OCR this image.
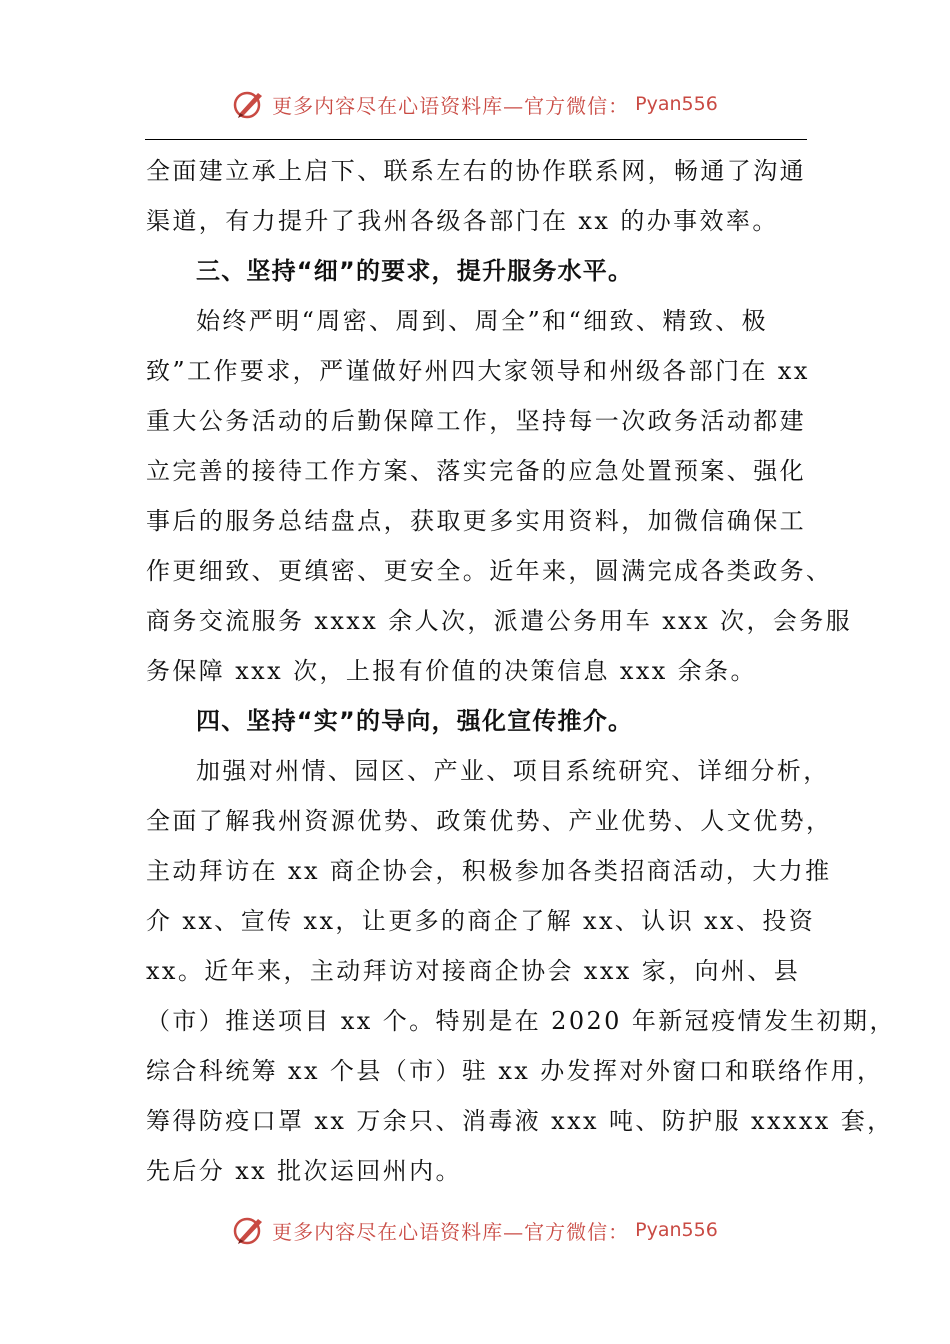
更多内容尽在心语资料库—官方微信： Pyan556
全面建立承上启下、联系左右的协作联系网，畅通了沟通
渠道，有力提升了我州各级各部门在 xx 的办事效率。
三、坚持“细”的要求，提升服务水平。
始终严明“周密、周到、周全”和“细致、精致、极
致”工作要求，严谨做好州四大家领导和州级各部门在 xx
重大公务活动的后勤保障工作，坚持每一次政务活动都建
立完善的接待工作方案、落实完备的应急处置预案、强化
事后的服务总结盘点，获取更多实用资料，加微信确保工
作更细致、更缜密、更安全。近年来，圆满完成各类政务、
商务交流服务 xxxx 余人次，派遣公务用车 xxx 次，会务服
务保障 xxx 次，上报有价值的决策信息 xxx 余条。
四、坚持“实”的导向，强化宣传推介。
加强对州情、园区、产业、项目系统研究、详细分析，
全面了解我州资源优势、政策优势、产业优势、人文优势，
主动拜访在 xx 商企协会，积极参加各类招商活动，大力推
介 xx、宣传 xx，让更多的商企了解 xx、认识 xx、投资
xx。近年来，主动拜访对接商企协会 xxx 家，向州、县
（市）推送项目 xx 个。特别是在 2020 年新冠疫情发生初期，
综合科统筹 xx 个县（市）驻 xx 办发挥对外窗口和联络作用，
筹得防疫口罩 xx 万余只、消毒液 xxx 吨、防护服 xxxxx 套，
先后分 xx 批次运回州内。
更多内容尽在心语资料库—官方微信： Pyan556
